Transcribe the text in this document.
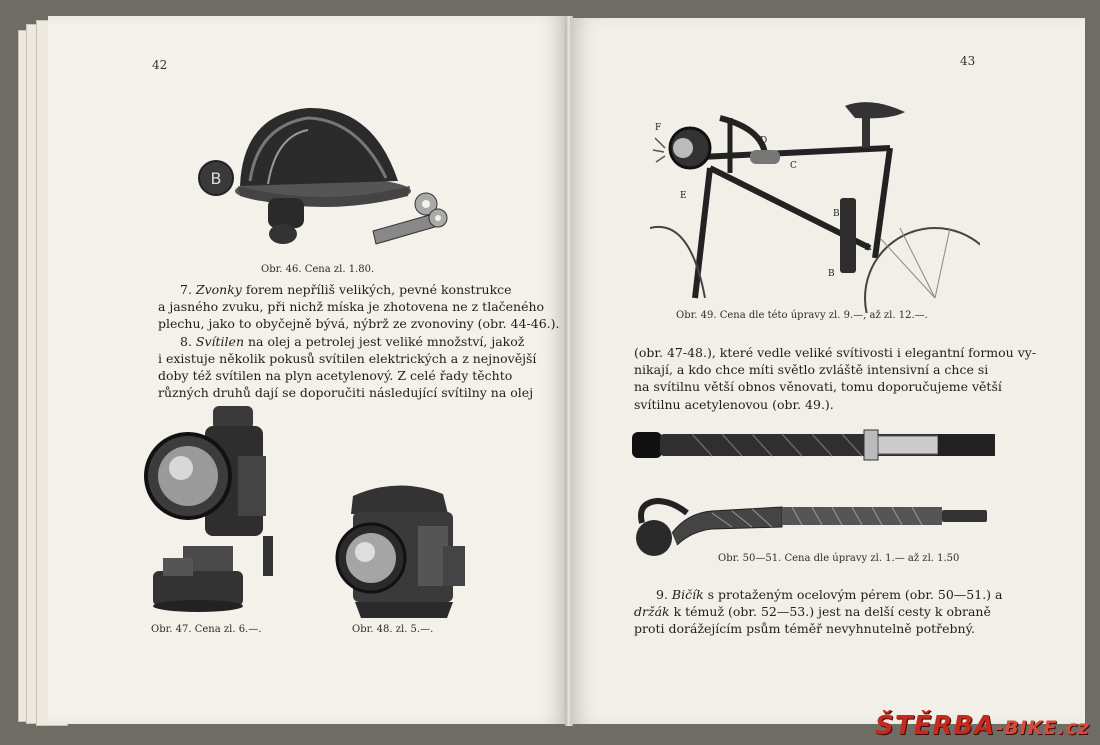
42
B
Obr. 46. Cena zl. 1.80.
7. Zvonky forem nepříliš velikých, pevné konstrukce
a jasného zvuku, při nichž míska je zhotovena ne z tlačeného
plechu, jako to obyčejně bývá, nýbrž ze zvonoviny (obr. 44-46.).
8. Svítilen na olej a petrolej jest veliké množství, jakož
i existuje několik pokusů svítilen elektrických a z nejnovější
doby též svítilen na plyn acetylenový. Z celé řady těchto
různých druhů dají se doporučiti následující svítilny na olej
Obr. 47. Cena zl. 6.—.	Obr. 48. zl. 5.—.
43
F
D
C
E
B
A
B
Obr. 49. Cena dle této úpravy zl. 9.—, až zl. 12.—.
(obr. 47-48.), které vedle veliké svítivosti i elegantní formou vy-
nikají, a kdo chce míti světlo zvláště intensivní a chce si
na svítilnu větší obnos věnovati, tomu doporučujeme větší
svítilnu acetylenovou (obr. 49.).
Obr. 50—51. Cena dle úpravy zl. 1.— až zl. 1.50
9. Bičík s protaženým ocelovým pérem (obr. 50—51.) a
držák k témuž (obr. 52—53.) jest na delší cesty k obraně
proti dorážejícím psům téměř nevyhnutelně potřebný.
ŠTĚRBA-BIKE.cz
